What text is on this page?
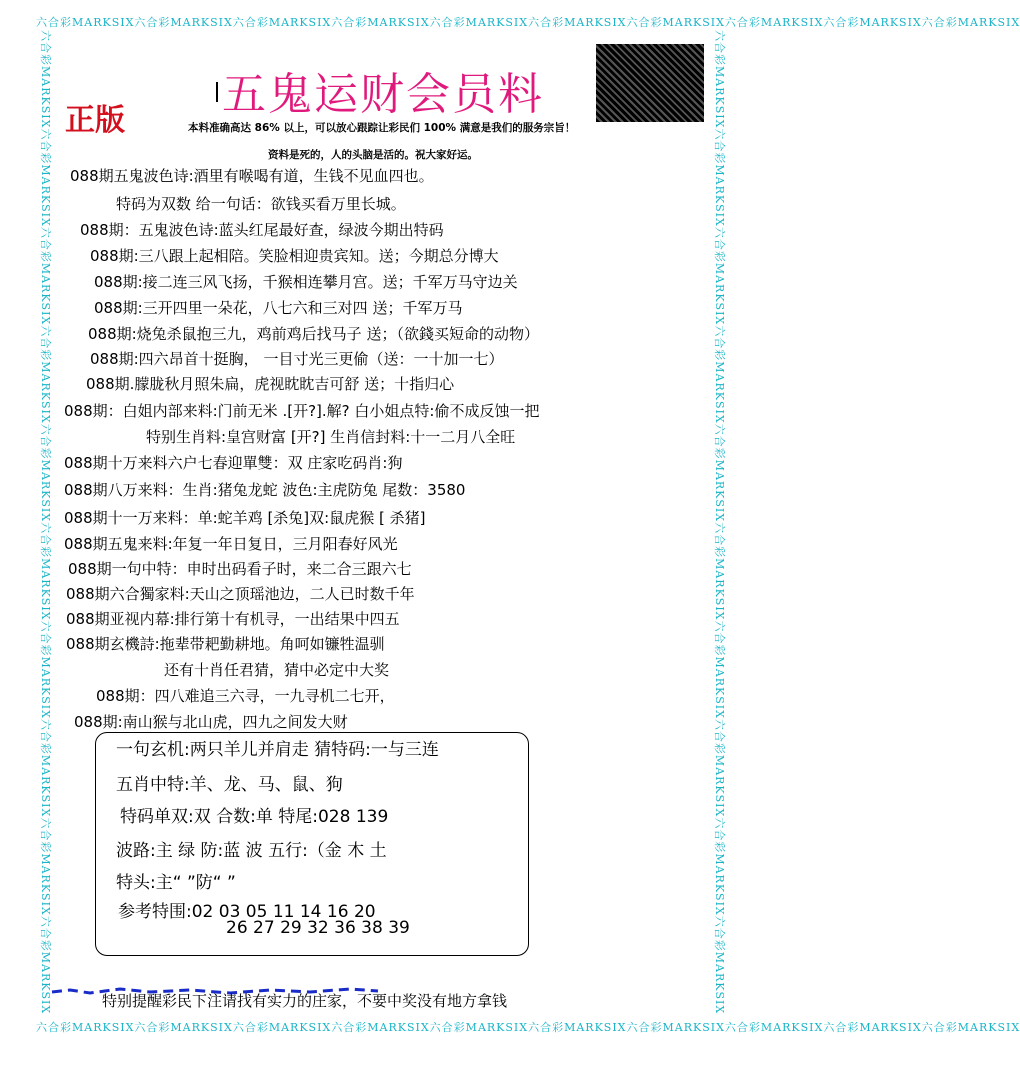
六合彩MARKSIX六合彩MARKSIX六合彩MARKSIX六合彩MARKSIX六合彩MARKSIX六合彩MARKSIX六合彩MARKSIX六合彩MARKSIX六合彩MARKSIX六合彩MARKSIX
六合彩MARKSIX六合彩MARKSIX六合彩MARKSIX六合彩MARKSIX六合彩MARKSIX六合彩MARKSIX六合彩MARKSIX六合彩MARKSIX六合彩MARKSIX六合彩MARKSIX
六合彩MARKSIX六合彩MARKSIX六合彩MARKSIX六合彩MARKSIX六合彩MARKSIX六合彩MARKSIX六合彩MARKSIX六合彩MARKSIX六合彩MARKSIX六合彩MARKSIX	六合彩MARKSIX六合彩MARKSIX六合彩MARKSIX六合彩MARKSIX六合彩MARKSIX六合彩MARKSIX六合彩MARKSIX六合彩MARKSIX六合彩MARKSIX六合彩MARKSIX
五鬼运财会员料
正版	本料准确高达 86% 以上，可以放心跟踪让彩民们 100% 满意是我们的服务宗旨！
资料是死的，人的头脑是活的。祝大家好运。
088期五鬼波色诗:酒里有喉喝有道，生钱不见血四也。
特码为双数 给一句话：欲钱买看万里长城。
088期：五鬼波色诗:蓝头红尾最好查，绿波今期出特码
088期:三八跟上起相陪。笑脸相迎贵宾知。送；今期总分博大
088期:接二连三风飞扬，千猴相连攀月宫。送；千军万马守边关
088期:三开四里一朵花，八七六和三对四 送；千军万马
088期:烧兔杀鼠抱三九，鸡前鸡后找马子 送；（欲錢买短命的动物）
088期:四六昂首十挺胸， 一目寸光三更偷（送：一十加一七）
088期.朦胧秋月照朱扁，虎视眈眈吉可舒 送；十指归心
088期：白姐内部来料:门前无米 .[开?].解? 白小姐点特:偷不成反蚀一把
特别生肖料:皇宫财富 [开?] 生肖信封料:十一二月八全旺
088期十万来料六户七春迎單雙：双 庄家吃码肖:狗
088期八万来料：生肖:猪兔龙蛇 波色:主虎防兔 尾数：3580
088期十一万来料：单:蛇羊鸡 [杀兔]双:鼠虎猴 [ 杀猪]
088期五鬼来料:年复一年日复日，三月阳春好风光
088期一句中特：申时出码看子时，来二合三跟六七
088期六合獨家料:天山之顶瑶池边，二人已时数千年
088期亚视内幕:排行第十有机寻，一出结果中四五
088期玄機詩:拖辈带耙勤耕地。角呵如镰牲温驯
还有十肖任君猜，猜中必定中大奖
088期：四八难追三六寻，一九寻机二七开，
088期:南山猴与北山虎，四九之间发大财
一句玄机:两只羊儿并肩走 猜特码:一与三连
五肖中特:羊、龙、马、鼠、狗
特码单双:双 合数:单 特尾:028 139
波路:主 绿 防:蓝 波 五行:（金 木 土
特头:主“ ”防“ ”
参考特围:02 03 05 11 14 16 20
26 27 29 32 36 38 39
特别提醒彩民下注请找有实力的庄家，不要中奖没有地方拿钱
